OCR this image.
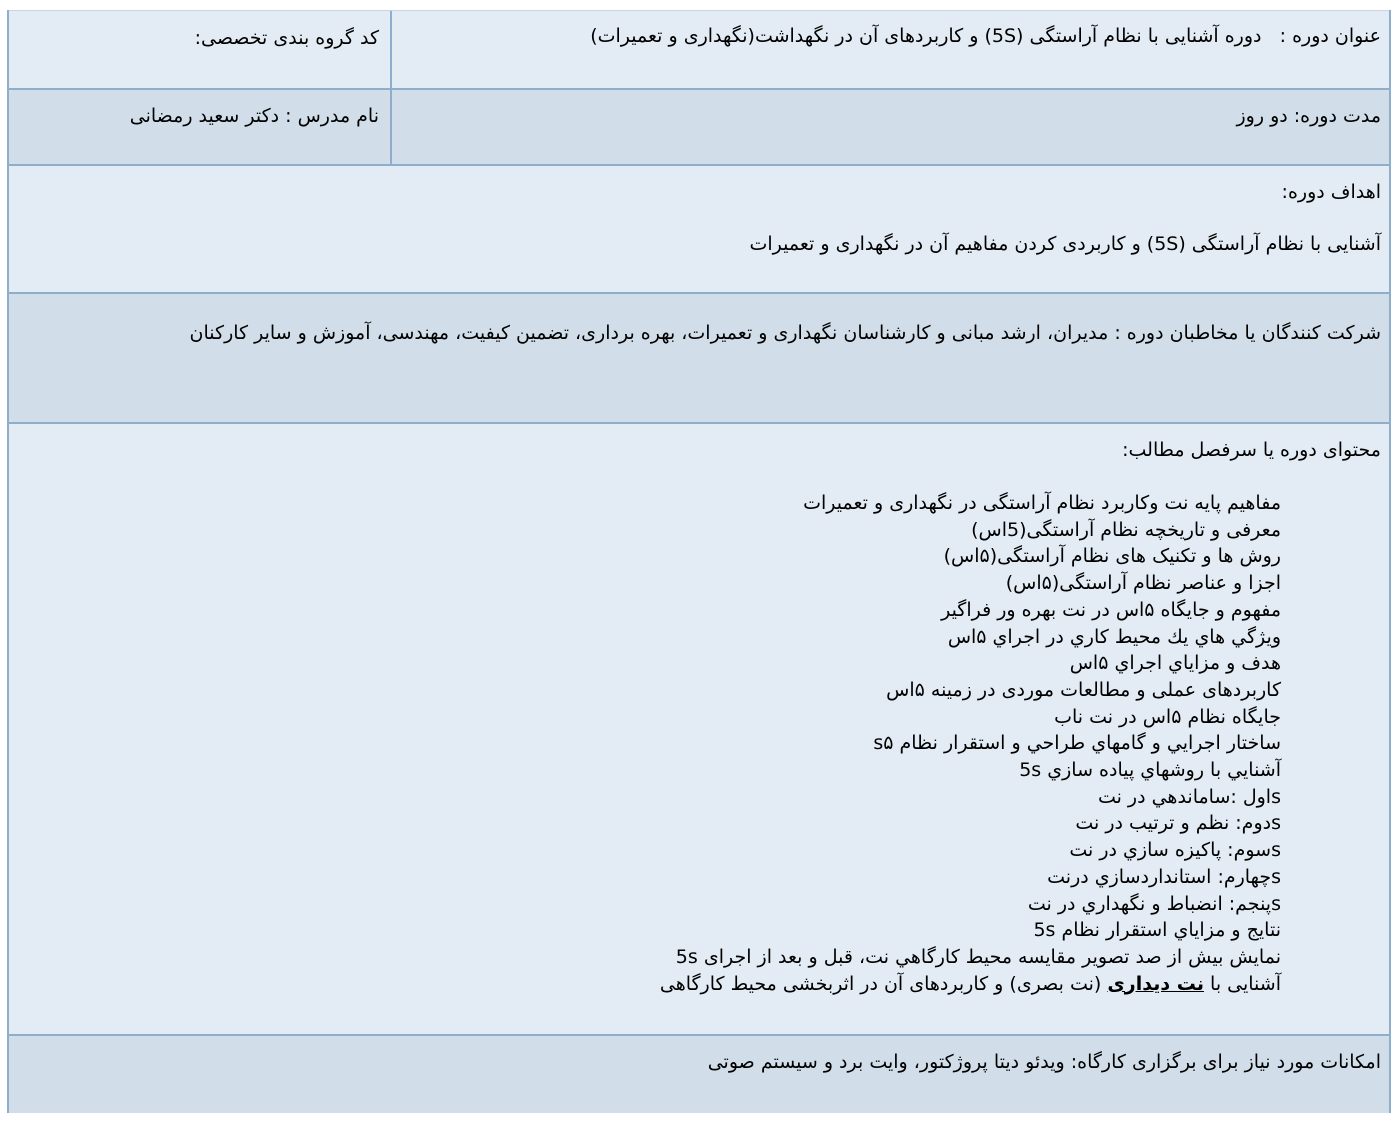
عنوان دوره :   دوره آشنایی با نظام آراستگی (5S) و کاربردهای آن در نگهداشت(نگهداری و تعمیرات)
کد گروه بندی تخصصی:
مدت دوره: دو روز
نام مدرس : دکتر سعید رمضانی
اهداف دوره:
آشنایی با نظام آراستگی (5S) و کاربردی کردن مفاهیم آن در نگهداری و تعمیرات
شرکت کنندگان یا مخاطبان دوره : مدیران، ارشد مبانی و کارشناسان نگهداری و تعمیرات، بهره برداری، تضمین کیفیت، مهندسی، آموزش و سایر کارکنان
محتوای دوره یا سرفصل مطالب:
مفاهیم پایه نت وکاربرد نظام آراستگی در نگهداری و تعمیرات
معرفی و تاریخچه نظام آراستگی(5اس)
روش ها و تکنیک های نظام آراستگی(۵اس)
اجزا و عناصر نظام آراستگی(۵اس)
مفهوم و جایگاه ۵اس در نت بهره ور فراگیر
ويژگي هاي يك محيط كاري در اجراي ۵اس
هدف و مزاياي اجراي ۵اس
کاربردهای عملی و مطالعات موردی در زمینه ۵اس
جايگاه نظام ۵اس در نت ناب
ساختار اجرايي و گامهاي طراحي و استقرار نظام s۵
آشنايي با روشهاي پياده سازي 5s
sاول :ساماندهي در نت
sدوم: نظم و ترتيب در نت
sسوم: پاكيزه سازي در نت
sچهارم: استانداردسازي درنت
sپنجم: انضباط و نگهداري در نت
نتايج و مزاياي استقرار نظام 5s
نمایش بیش از صد تصویر مقایسه محیط کارگاهي نت، قبل و بعد از اجرای 5s
آشنایی با نت دیداری (نت بصری) و کاربردهای آن در اثربخشی محیط کارگاهی
امکانات مورد نیاز برای برگزاری کارگاه: ويدئو ديتا پروژكتور، وايت برد و سيستم صوتی
